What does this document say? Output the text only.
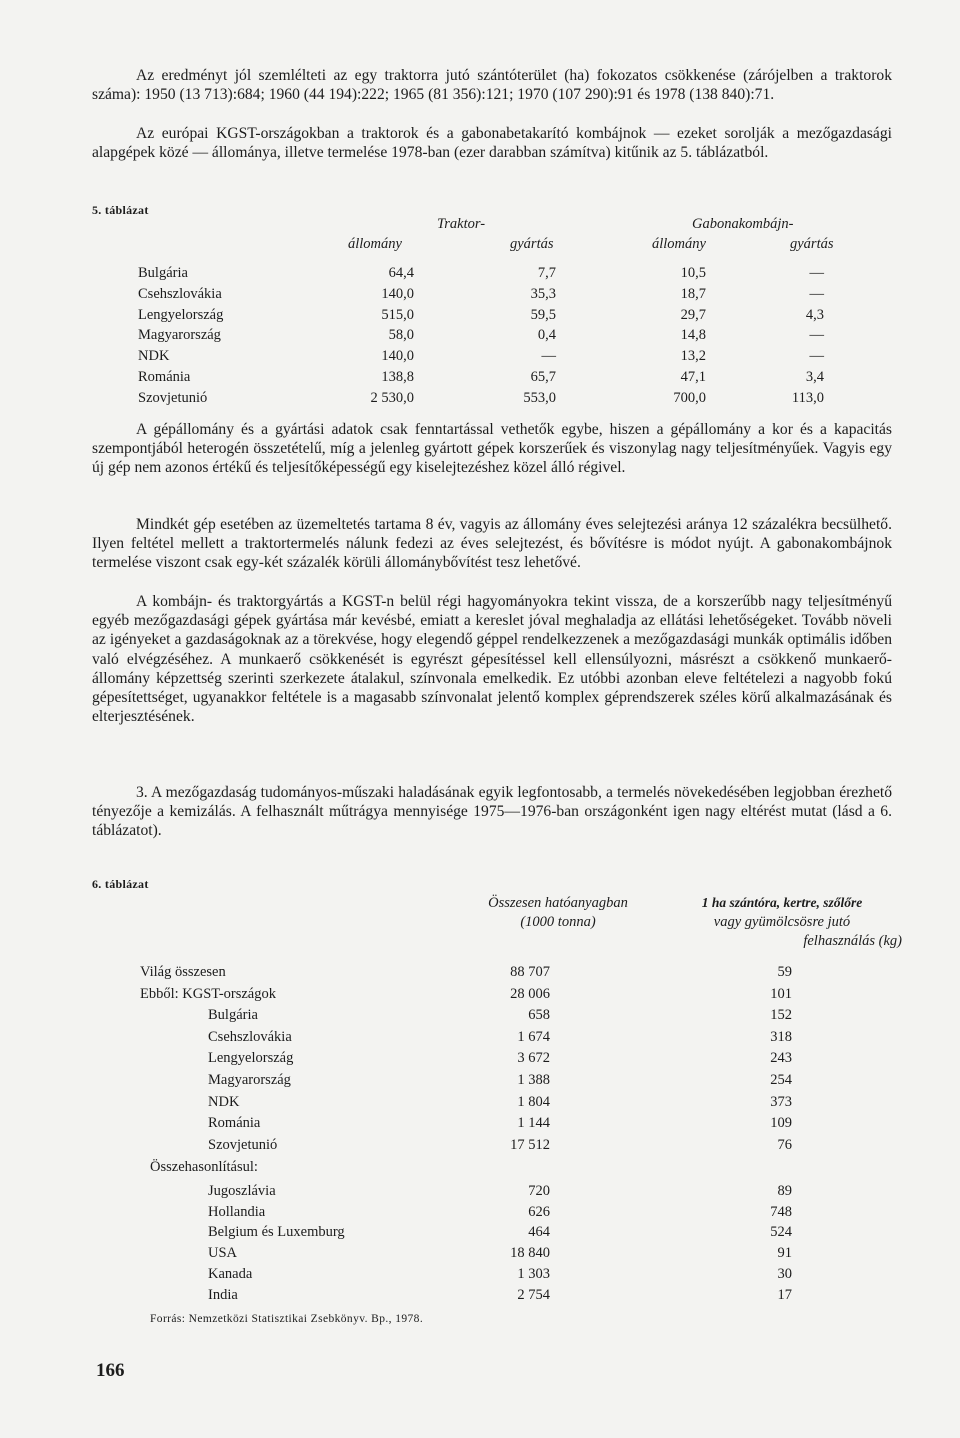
Az eredményt jól szemlélteti az egy traktorra jutó szántóterület (ha) fokozatos csökkenése (zárójelben a traktorok száma): 1950 (13 713):684; 1960 (44 194):222; 1965 (81 356):121; 1970 (107 290):91 és 1978 (138 840):71.

Az európai KGST-országokban a traktorok és a gabonabetakarító kombájnok — ezeket sorolják a mezőgazdasági alapgépek közé — állománya, illetve termelése 1978-ban (ezer darabban számítva) kitűnik az 5. táblázatból.

5. táblázat
Traktor-	Gabonakombájn-
állomány	gyártás	állomány	gyártás
Bulgária	64,4	7,7	10,5	—
Csehszlovákia	140,0	35,3	18,7	—
Lengyelország	515,0	59,5	29,7	4,3
Magyarország	58,0	0,4	14,8	—
NDK	140,0	—	13,2	—
Románia	138,8	65,7	47,1	3,4
Szovjetunió	2 530,0	553,0	700,0	113,0

A gépállomány és a gyártási adatok csak fenntartással vethetők egybe, hiszen a gépállomány a kor és a kapacitás szempontjából heterogén összetételű, míg a jelenleg gyártott gépek korszerűek és viszonylag nagy teljesítményűek. Vagyis egy új gép nem azonos értékű és teljesítőképességű egy kiselejtezéshez közel álló régivel.

Mindkét gép esetében az üzemeltetés tartama 8 év, vagyis az állomány éves selejtezési aránya 12 százalékra becsülhető. Ilyen feltétel mellett a traktortermelés nálunk fedezi az éves selejtezést, és bővítésre is módot nyújt. A gabonakombájnok termelése viszont csak egy-két százalék körüli állománybővítést tesz lehetővé.

A kombájn- és traktorgyártás a KGST-n belül régi hagyományokra tekint vissza, de a korszerűbb nagy teljesítményű egyéb mezőgazdasági gépek gyártása már kevésbé, emiatt a kereslet jóval meghaladja az ellátási lehetőségeket. Tovább növeli az igényeket a gazdaságoknak az a törekvése, hogy elegendő géppel rendelkezzenek a mezőgazdasági munkák optimális időben való elvégzéséhez. A munkaerő csökkenését is egyrészt gépesítéssel kell ellensúlyozni, másrészt a csökkenő munkaerő-állomány képzettség szerinti szerkezete átalakul, színvonala emelkedik. Ez utóbbi azonban eleve feltételezi a nagyobb fokú gépesítettséget, ugyanakkor feltétele is a magasabb színvonalat jelentő komplex géprendszerek széles körű alkalmazásának és elterjesztésének.

3. A mezőgazdaság tudományos-műszaki haladásának egyik legfontosabb, a termelés növekedésében legjobban érezhető tényezője a kemizálás. A felhasznált műtrágya mennyisége 1975—1976-ban országonként igen nagy eltérést mutat (lásd a 6. táblázatot).

6. táblázat
Összesen hatóanyagban
(1000 tonna)
1 ha szántóra, kertre, szőlőre
vagy gyümölcsösre jutó
felhasználás (kg)
Világ összesen	88 707	59
Ebből: KGST-országok	28 006	101
Bulgária	658	152
Csehszlovákia	1 674	318
Lengyelország	3 672	243
Magyarország	1 388	254
NDK	1 804	373
Románia	1 144	109
Szovjetunió	17 512	76
Összehasonlításul:
Jugoszlávia	720	89
Hollandia	626	748
Belgium és Luxemburg	464	524
USA	18 840	91
Kanada	1 303	30
India	2 754	17
Forrás: Nemzetközi Statisztikai Zsebkönyv. Bp., 1978.
166
